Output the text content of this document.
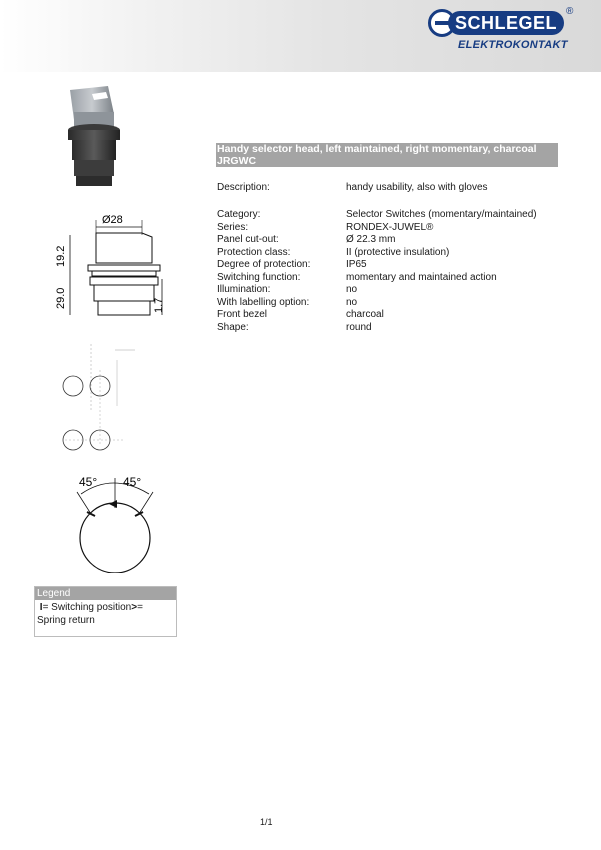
SCHLEGEL
®
ELEKTROKONTAKT
Ø28
19.2
29.0	1.7
45° 45°
Handy selector head, left maintained, right momentary, charcoal JRGWC
Description:	handy usability, also with gloves
Category:	Selector Switches (momentary/maintained)
Series:	RONDEX-JUWEL®
Panel cut-out:	Ø 22.3 mm
Protection class:	II (protective insulation)
Degree of protection:	IP65
Switching function:	momentary and maintained action
Illumination:	no
With labelling option:	no
Front bezel	charcoal
Shape:	round
Legend
I= Switching position>=
Spring return
1/1
